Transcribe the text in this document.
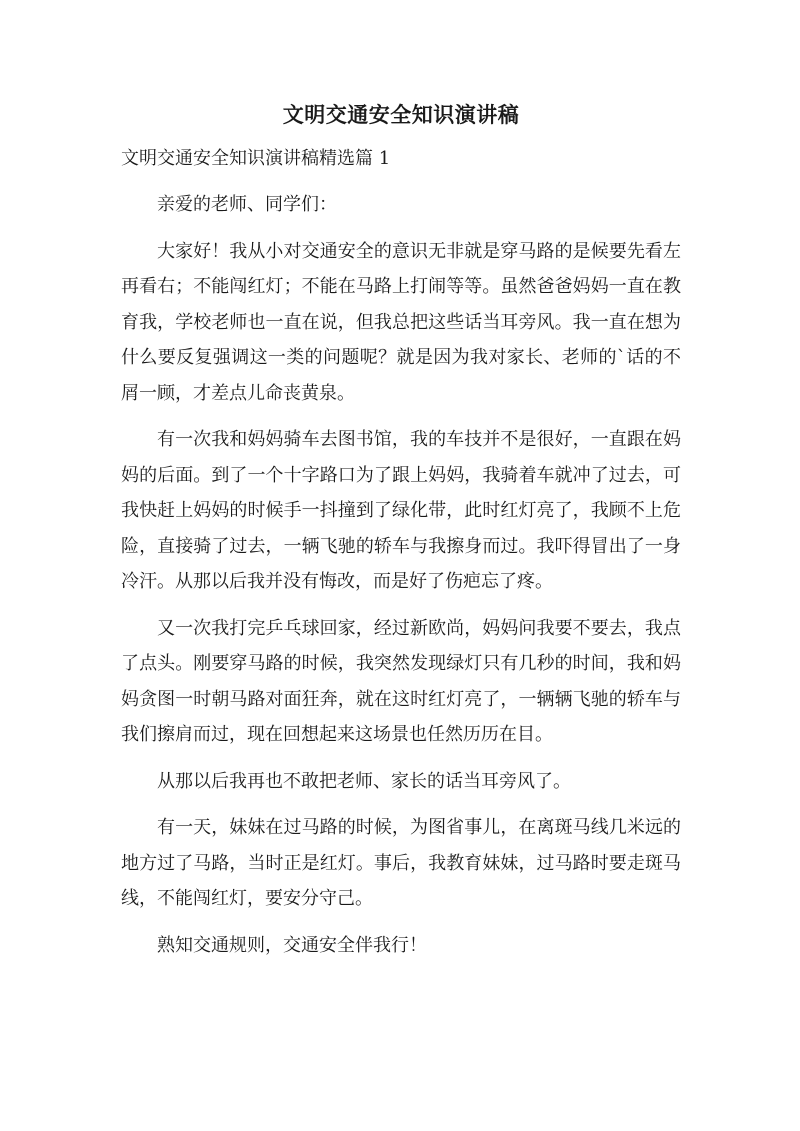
文明交通安全知识演讲稿
文明交通安全知识演讲稿精选篇 1

亲爱的老师、同学们：

大家好！我从小对交通安全的意识无非就是穿马路的是候要先看左再看右；不能闯红灯；不能在马路上打闹等等。虽然爸爸妈妈一直在教育我，学校老师也一直在说，但我总把这些话当耳旁风。我一直在想为什么要反复强调这一类的问题呢？就是因为我对家长、老师的`话的不屑一顾，才差点儿命丧黄泉。

有一次我和妈妈骑车去图书馆，我的车技并不是很好，一直跟在妈妈的后面。到了一个十字路口为了跟上妈妈，我骑着车就冲了过去，可我快赶上妈妈的时候手一抖撞到了绿化带，此时红灯亮了，我顾不上危险，直接骑了过去，一辆飞驰的轿车与我擦身而过。我吓得冒出了一身冷汗。从那以后我并没有悔改，而是好了伤疤忘了疼。

又一次我打完乒乓球回家，经过新欧尚，妈妈问我要不要去，我点了点头。刚要穿马路的时候，我突然发现绿灯只有几秒的时间，我和妈妈贪图一时朝马路对面狂奔，就在这时红灯亮了，一辆辆飞驰的轿车与我们擦肩而过，现在回想起来这场景也任然历历在目。

从那以后我再也不敢把老师、家长的话当耳旁风了。

有一天，妹妹在过马路的时候，为图省事儿，在离斑马线几米远的地方过了马路，当时正是红灯。事后，我教育妹妹，过马路时要走斑马线，不能闯红灯，要安分守己。

熟知交通规则，交通安全伴我行！
